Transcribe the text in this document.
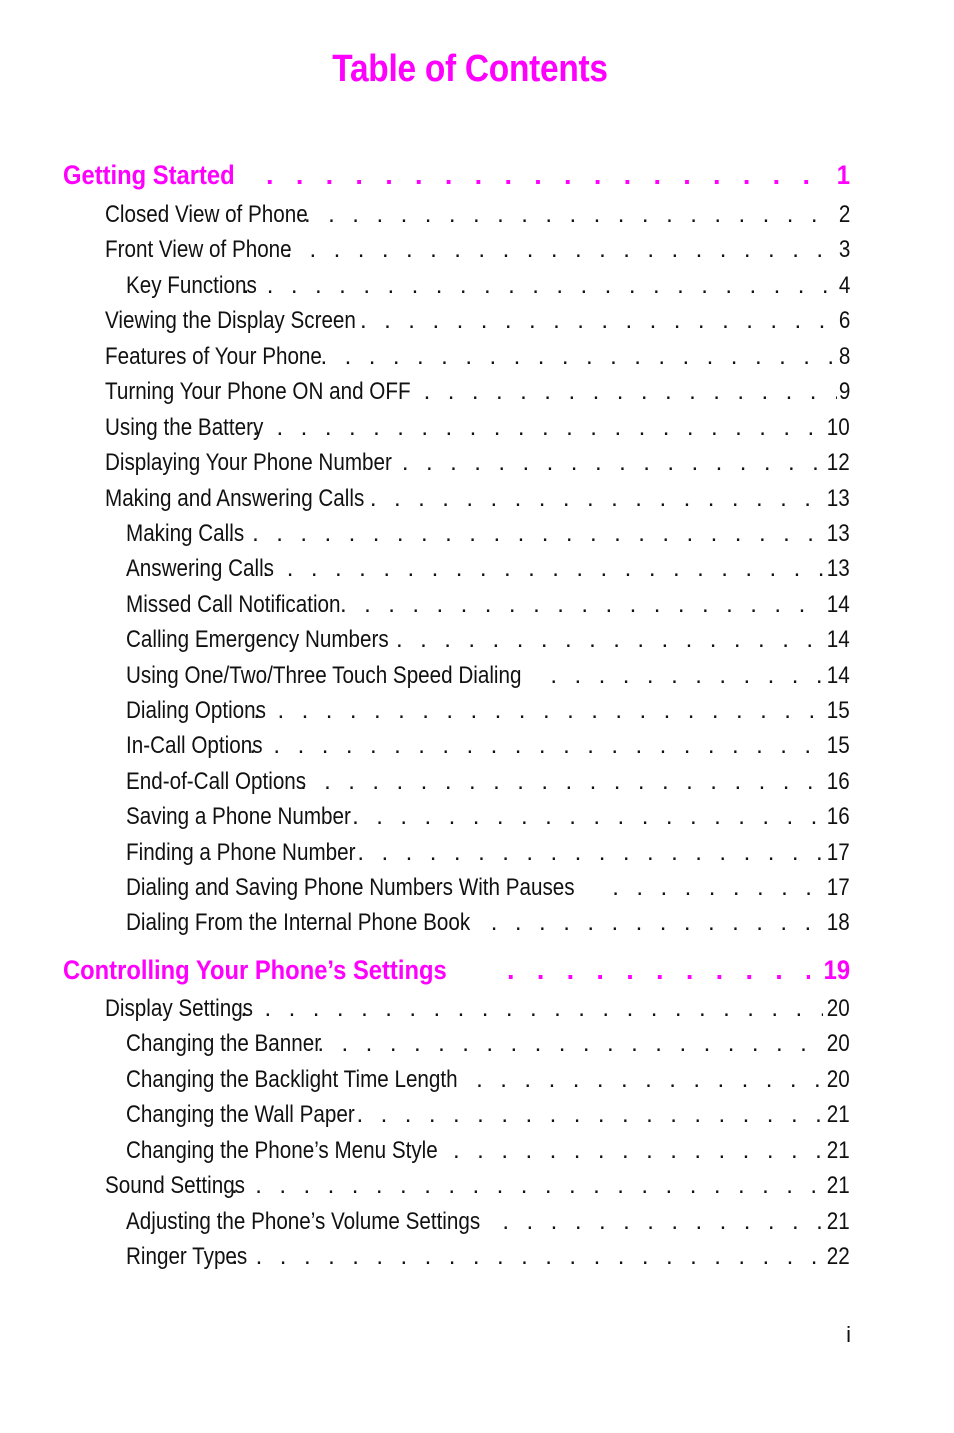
Table of Contents
Getting Started . . .	1
Closed View of Phone . . .	2
Front View of Phone . . .	3
Key Functions . . .	4
Viewing the Display Screen . . .	6
Features of Your Phone . . .	8
Turning Your Phone ON and OFF . . .	9
Using the Battery . . .	10
Displaying Your Phone Number . . .	12
Making and Answering Calls . . .	13
Making Calls . . .	13
Answering Calls . . .	13
Missed Call Notification . . .	14
Calling Emergency Numbers . . .	14
Using One/Two/Three Touch Speed Dialing . . .	14
Dialing Options . . .	15
In-Call Options . . .	15
End-of-Call Options . . .	16
Saving a Phone Number . . .	16
Finding a Phone Number . . .	17
Dialing and Saving Phone Numbers With Pauses . . .	17
Dialing From the Internal Phone Book . . .	18
Controlling Your Phone’s Settings . . .	19
Display Settings . . .	20
Changing the Banner . . .	20
Changing the Backlight Time Length . . .	20
Changing the Wall Paper . . .	21
Changing the Phone’s Menu Style . . .	21
Sound Settings . . .	21
Adjusting the Phone’s Volume Settings . . .	21
Ringer Types . . .	22
i
